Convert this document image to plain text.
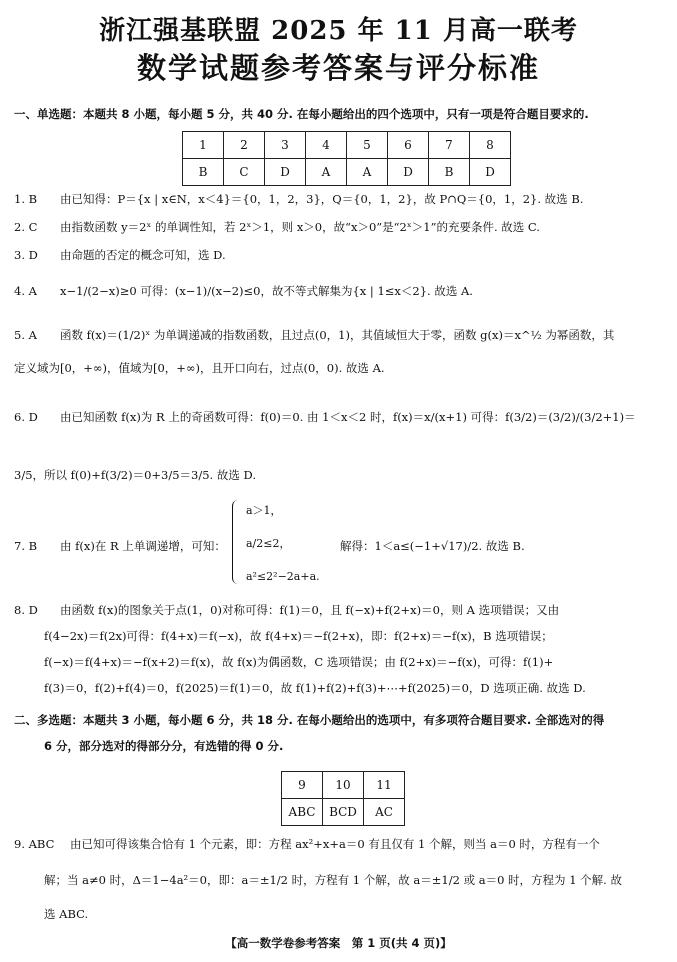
浙江强基联盟 2025 年 11 月高一联考
数学试题参考答案与评分标准
一、单选题：本题共 8 小题，每小题 5 分，共 40 分. 在每小题给出的四个选项中，只有一项是符合题目要求的.
1	2	3	4	5	6	7	8
B	C	D	A	A	D	B	D
1. B 由已知得：P＝{x | x∈N，x＜4}＝{0，1，2，3}，Q＝{0，1，2}，故 P∩Q＝{0，1，2}. 故选 B.
2. C 由指数函数 y＝2ˣ 的单调性知，若 2ˣ＞1，则 x＞0，故“x＞0”是“2ˣ＞1”的充要条件. 故选 C.
3. D 由命题的否定的概念可知，选 D.
4. A x−1/(2−x)≥0 可得：(x−1)/(x−2)≤0，故不等式解集为{x | 1≤x＜2}. 故选 A.
5. A 函数 f(x)＝(1/2)ˣ 为单调递减的指数函数，且过点(0，1)，其值域恒大于零，函数 g(x)＝x^½ 为幂函数，其
定义域为[0，+∞)，值域为[0，+∞)，且开口向右，过点(0，0). 故选 A.
6. D 由已知函数 f(x)为 R 上的奇函数可得：f(0)＝0. 由 1＜x＜2 时，f(x)＝x/(x+1) 可得：f(3/2)＝(3/2)/(3/2+1)＝
3/5，所以 f(0)+f(3/2)＝0+3/5＝3/5. 故选 D.
7. B 由 f(x)在 R 上单调递增，可知：
a＞1，
a/2≤2，
a²≤2²−2a+a.
解得：1＜a≤(−1+√17)/2. 故选 B.
8. D 由函数 f(x)的图象关于点(1，0)对称可得：f(1)＝0，且 f(−x)+f(2+x)＝0，则 A 选项错误；又由
f(4−2x)＝f(2x)可得：f(4+x)＝f(−x)，故 f(4+x)＝−f(2+x)，即：f(2+x)＝−f(x)，B 选项错误；
f(−x)＝f(4+x)＝−f(x+2)＝f(x)，故 f(x)为偶函数，C 选项错误；由 f(2+x)＝−f(x)，可得：f(1)+
f(3)＝0，f(2)+f(4)＝0，f(2025)＝f(1)＝0，故 f(1)+f(2)+f(3)+⋯+f(2025)＝0，D 选项正确. 故选 D.
二、多选题：本题共 3 小题，每小题 6 分，共 18 分. 在每小题给出的选项中，有多项符合题目要求. 全部选对的得
6 分，部分选对的得部分分，有选错的得 0 分.
9	10	11
ABC	BCD	AC
9. ABC 由已知可得该集合恰有 1 个元素，即：方程 ax²+x+a＝0 有且仅有 1 个解，则当 a＝0 时，方程有一个
解；当 a≠0 时，Δ＝1−4a²＝0，即：a＝±1/2 时，方程有 1 个解，故 a＝±1/2 或 a＝0 时，方程为 1 个解. 故
选 ABC.
【高一数学卷参考答案　第 1 页(共 4 页)】
